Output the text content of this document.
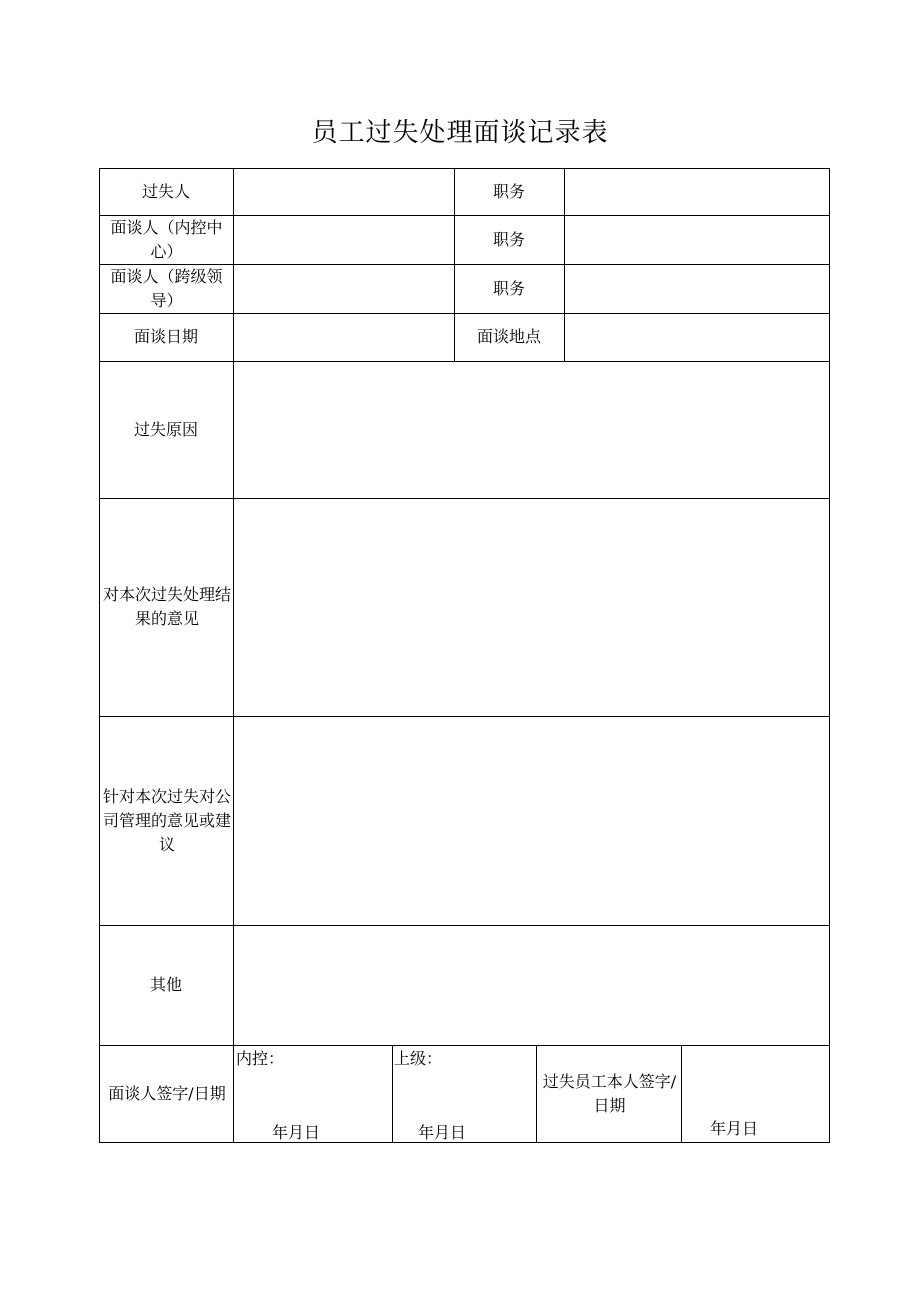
员工过失处理面谈记录表
过失人	职务
面谈人（内控中心）
职务
面谈人（跨级领导）
职务
面谈日期	面谈地点
过失原因
对本次过失处理结果的意见
针对本次过失对公司管理的意见或建议
其他
面谈人签字/日期
内控：
年月日
上级：
年月日
过失员工本人签字/日期
年月日
